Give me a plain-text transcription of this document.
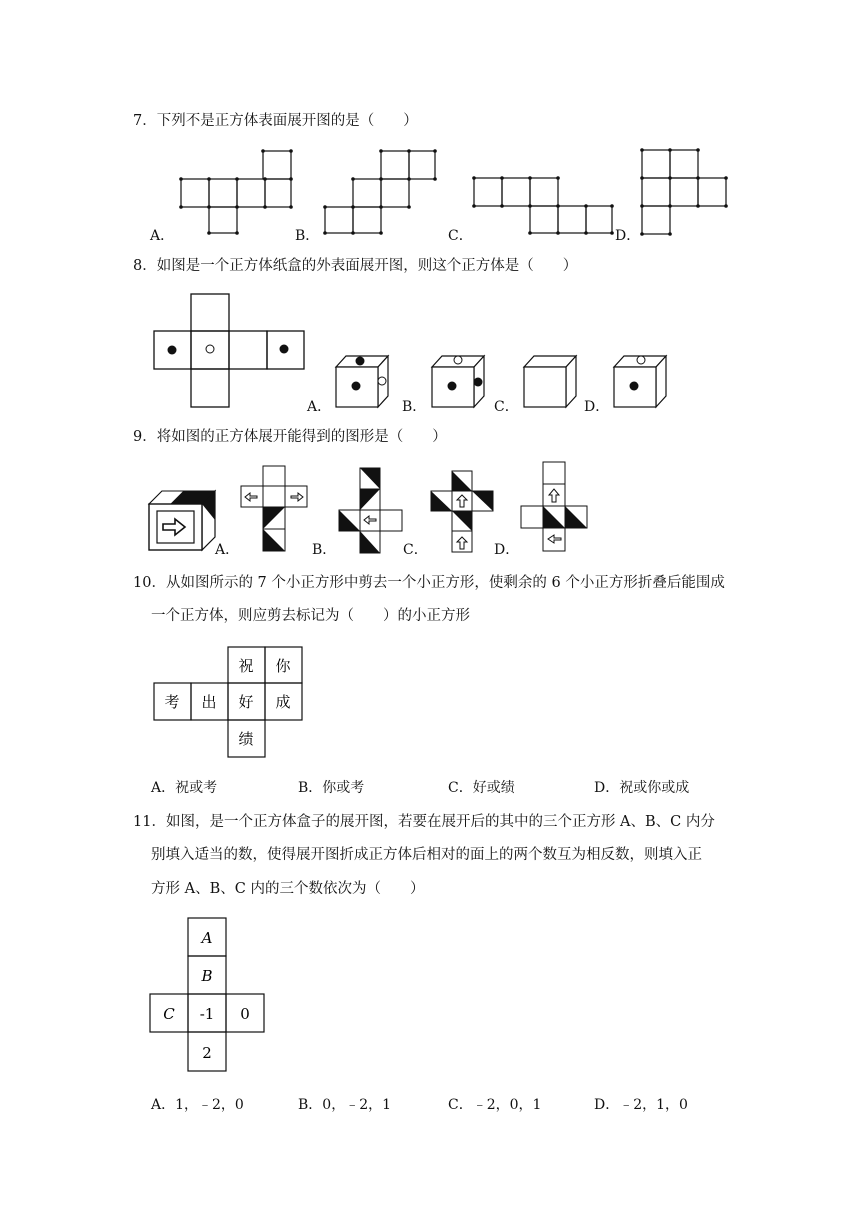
7．下列不是正方体表面展开图的是（　　）
A．	B．	C．	D．
8．如图是一个正方体纸盒的外表面展开图，则这个正方体是（　　）
A．	B．	C．	D．
9．将如图的正方体展开能得到的图形是（　　）
A．	B．	C．	D．
10．从如图所示的 7 个小正方形中剪去一个小正方形，使剩余的 6 个小正方形折叠后能围成
一个正方体，则应剪去标记为（　　）的小正方形
祝 你
考 出 好 成
绩
A．祝或考	B．你或考	C．好或绩	D．祝或你或成
11．如图，是一个正方体盒子的展开图，若要在展开后的其中的三个正方形 A、B、C 内分
别填入适当的数，使得展开图折成正方体后相对的面上的两个数互为相反数，则填入正
方形 A、B、C 内的三个数依次为（　　）
A
B
C -1 0
2
A．1，﹣2，0	B．0，﹣2，1	C．﹣2，0，1	D．﹣2，1，0
